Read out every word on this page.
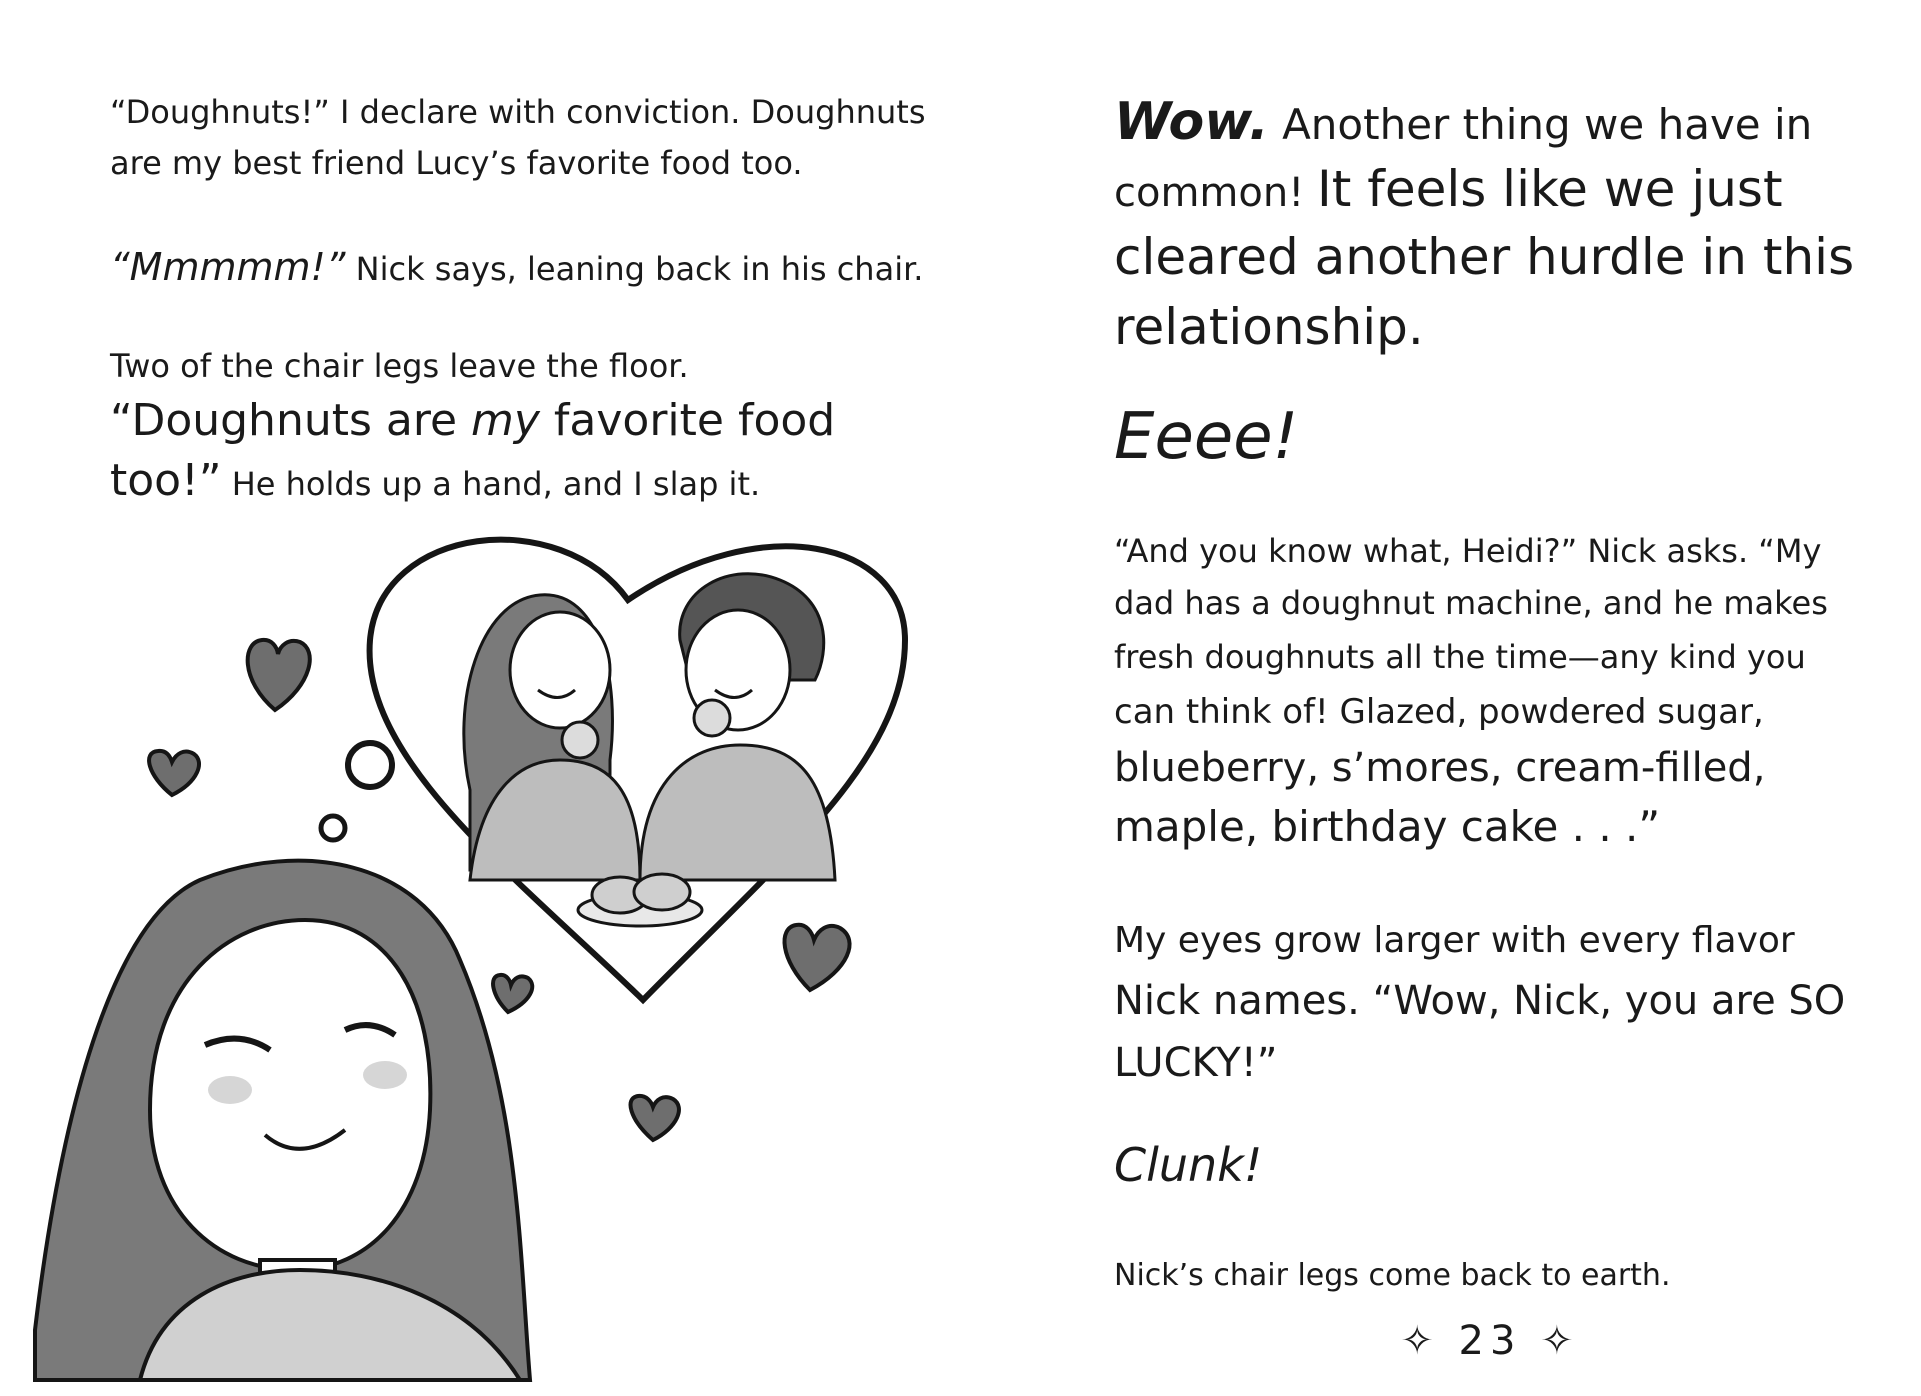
“Doughnuts!” I declare with conviction. Doughnuts

are my best friend Lucy’s favorite food too.

“Mmmmm!” Nick says, leaning back in his chair.

Two of the chair legs leave the floor.

“Doughnuts are my favorite food

too!” He holds up a hand, and I slap it.

Wow. Another thing we have in

common! It feels like we just

cleared another hurdle in this

relationship.

Eeee!

“And you know what, Heidi?” Nick asks. “My

dad has a doughnut machine, and he makes

fresh doughnuts all the time—any kind you

can think of! Glazed, powdered sugar,

blueberry, s’mores, cream-filled,

maple, birthday cake . . .”

My eyes grow larger with every flavor

Nick names. “Wow, Nick, you are SO

LUCKY!”

Clunk!

Nick’s chair legs come back to earth.

✧ 23 ✧
